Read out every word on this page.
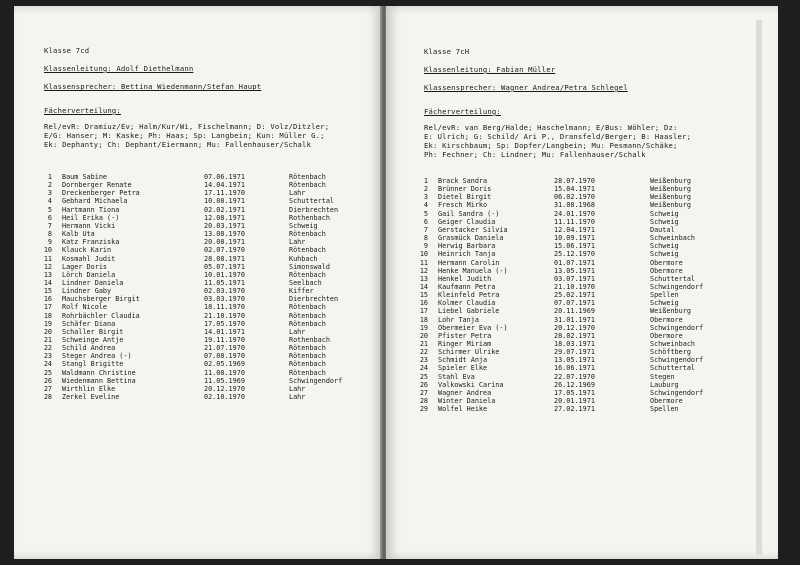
Klasse 7cd
Klassenleitung: Adolf Diethelmann
Klassensprecher: Bettina Wiedenmann/Stefan Haupt
Fächerverteilung:
Rel/evR: Dramiuz/Ev; Halm/Kur/Wi, Fischelmann; D: Volz/Ditzler;
E/G: Hanser; M: Kaske; Ph: Haas; Sp: Langbein; Kun: Müller G.;
Ek: Dephanty; Ch: Dephant/Eiermann; Mu: Fallenhauser/Schalk
1 Baum Sabine	07.06.1971	Rötenbach
2 Dornberger Renate	14.04.1971	Rötenbach
3 Dreckenberger Petra	17.11.1970	Lahr
4 Gebhard Michaela	10.08.1971	Schuttertal
5 Hartmann Tiona	02.02.1971	Dierbrechten
6 Heil Erika (-)	12.08.1971	Rothenbach
7 Hermann Vicki	20.03.1971	Schweig
8 Kalb Uta	13.08.1970	Rötenbach
9 Katz Franziska	20.08.1971	Lahr
10 Klauck Karin	02.07.1970	Rötenbach
11 Kosmahl Judit	28.08.1971	Kuhbach
12 Lager Doris	05.07.1971	Simonswald
13 Lörch Daniela	10.01.1970	Rötenbach
14 Lindner Daniela	11.05.1971	Seelbach
15 Lindner Gaby	02.03.1970	Kiffer
16 Mauchsberger Birgit	03.03.1970	Dierbrechten
17 Rolf Nicole	18.11.1970	Rötenbach
18 Rohrbächler Claudia	21.10.1970	Rötenbach
19 Schäfer Diana	17.05.1970	Rötenbach
20 Schaller Birgit	14.01.1971	Lahr
21 Schweinge Antje	19.11.1970	Rothenbach
22 Schild Andrea	21.07.1970	Rötenbach
23 Steger Andrea (-)	07.08.1970	Rötenbach
24 Stangl Brigitte	02.05.1969	Rötenbach
25 Waldmann Christine	11.08.1970	Rötenbach
26 Wiedenmann Bettina	11.05.1969	Schwingendorf
27 Wirthlin Elke	20.12.1970	Lahr
28 Zerkel Eveline	02.10.1970	Lahr
Klasse 7cH
Klassenleitung: Fabian Müller
Klassensprecher: Wagner Andrea/Petra Schlegel
Fächerverteilung:
Rel/evR: van Berg/Halde; Haschelmann; E/Bus: Wöhler; Dz:
E: Ulrich; G: Schild/ Ari P., Dransfeld/Berger; B: Haasler;
Ek: Kirschbaum; Sp: Dopfer/Langbein; Mu: Pesmann/Schäke;
Ph: Fechner; Ch: Lindner; Mu: Fallenhauser/Schalk
1 Brack Sandra	28.07.1970	Weißenburg
2 Brünner Doris	15.04.1971	Weißenburg
3 Dietel Birgit	06.02.1970	Weißenburg
4 Fresch Mirko	31.08.1968	Weißenburg
5 Gail Sandra (-)	24.01.1970	Schweig
6 Geiger Claudia	11.11.1970	Schweig
7 Gerstacker Silvia	12.04.1971	Dautal
8 Grasmück Daniela	10.09.1971	Schweinbach
9 Herwig Barbara	15.06.1971	Schweig
10 Heinrich Tanja	25.12.1970	Schweig
11 Hermann Carolin	01.07.1971	Obermore
12 Henke Manuela (-)	13.05.1971	Obermore
13 Henkel Judith	03.07.1971	Schuttertal
14 Kaufmann Petra	21.10.1970	Schwingendorf
15 Kleinfeld Petra	25.02.1971	Spellen
16 Kolmer Claudia	07.07.1971	Schweig
17 Liebel Gabriele	20.11.1969	Weißenburg
18 Lohr Tanja	31.01.1971	Obermore
19 Obermeier Eva (-)	20.12.1970	Schwingendorf
20 Pfister Petra	28.02.1971	Obermore
21 Ringer Miriam	18.03.1971	Schweinbach
22 Schirmer Ulrike	29.07.1971	Schöftberg
23 Schmidt Anja	13.05.1971	Schwingendorf
24 Spieler Elke	16.06.1971	Schuttertal
25 Stahl Eva	22.07.1970	Stegen
26 Valkowski Carina	26.12.1969	Lauburg
27 Wagner Andrea	17.05.1971	Schwingendorf
28 Winter Daniela	20.01.1971	Obermore
29 Wolfel Heike	27.02.1971	Spellen
